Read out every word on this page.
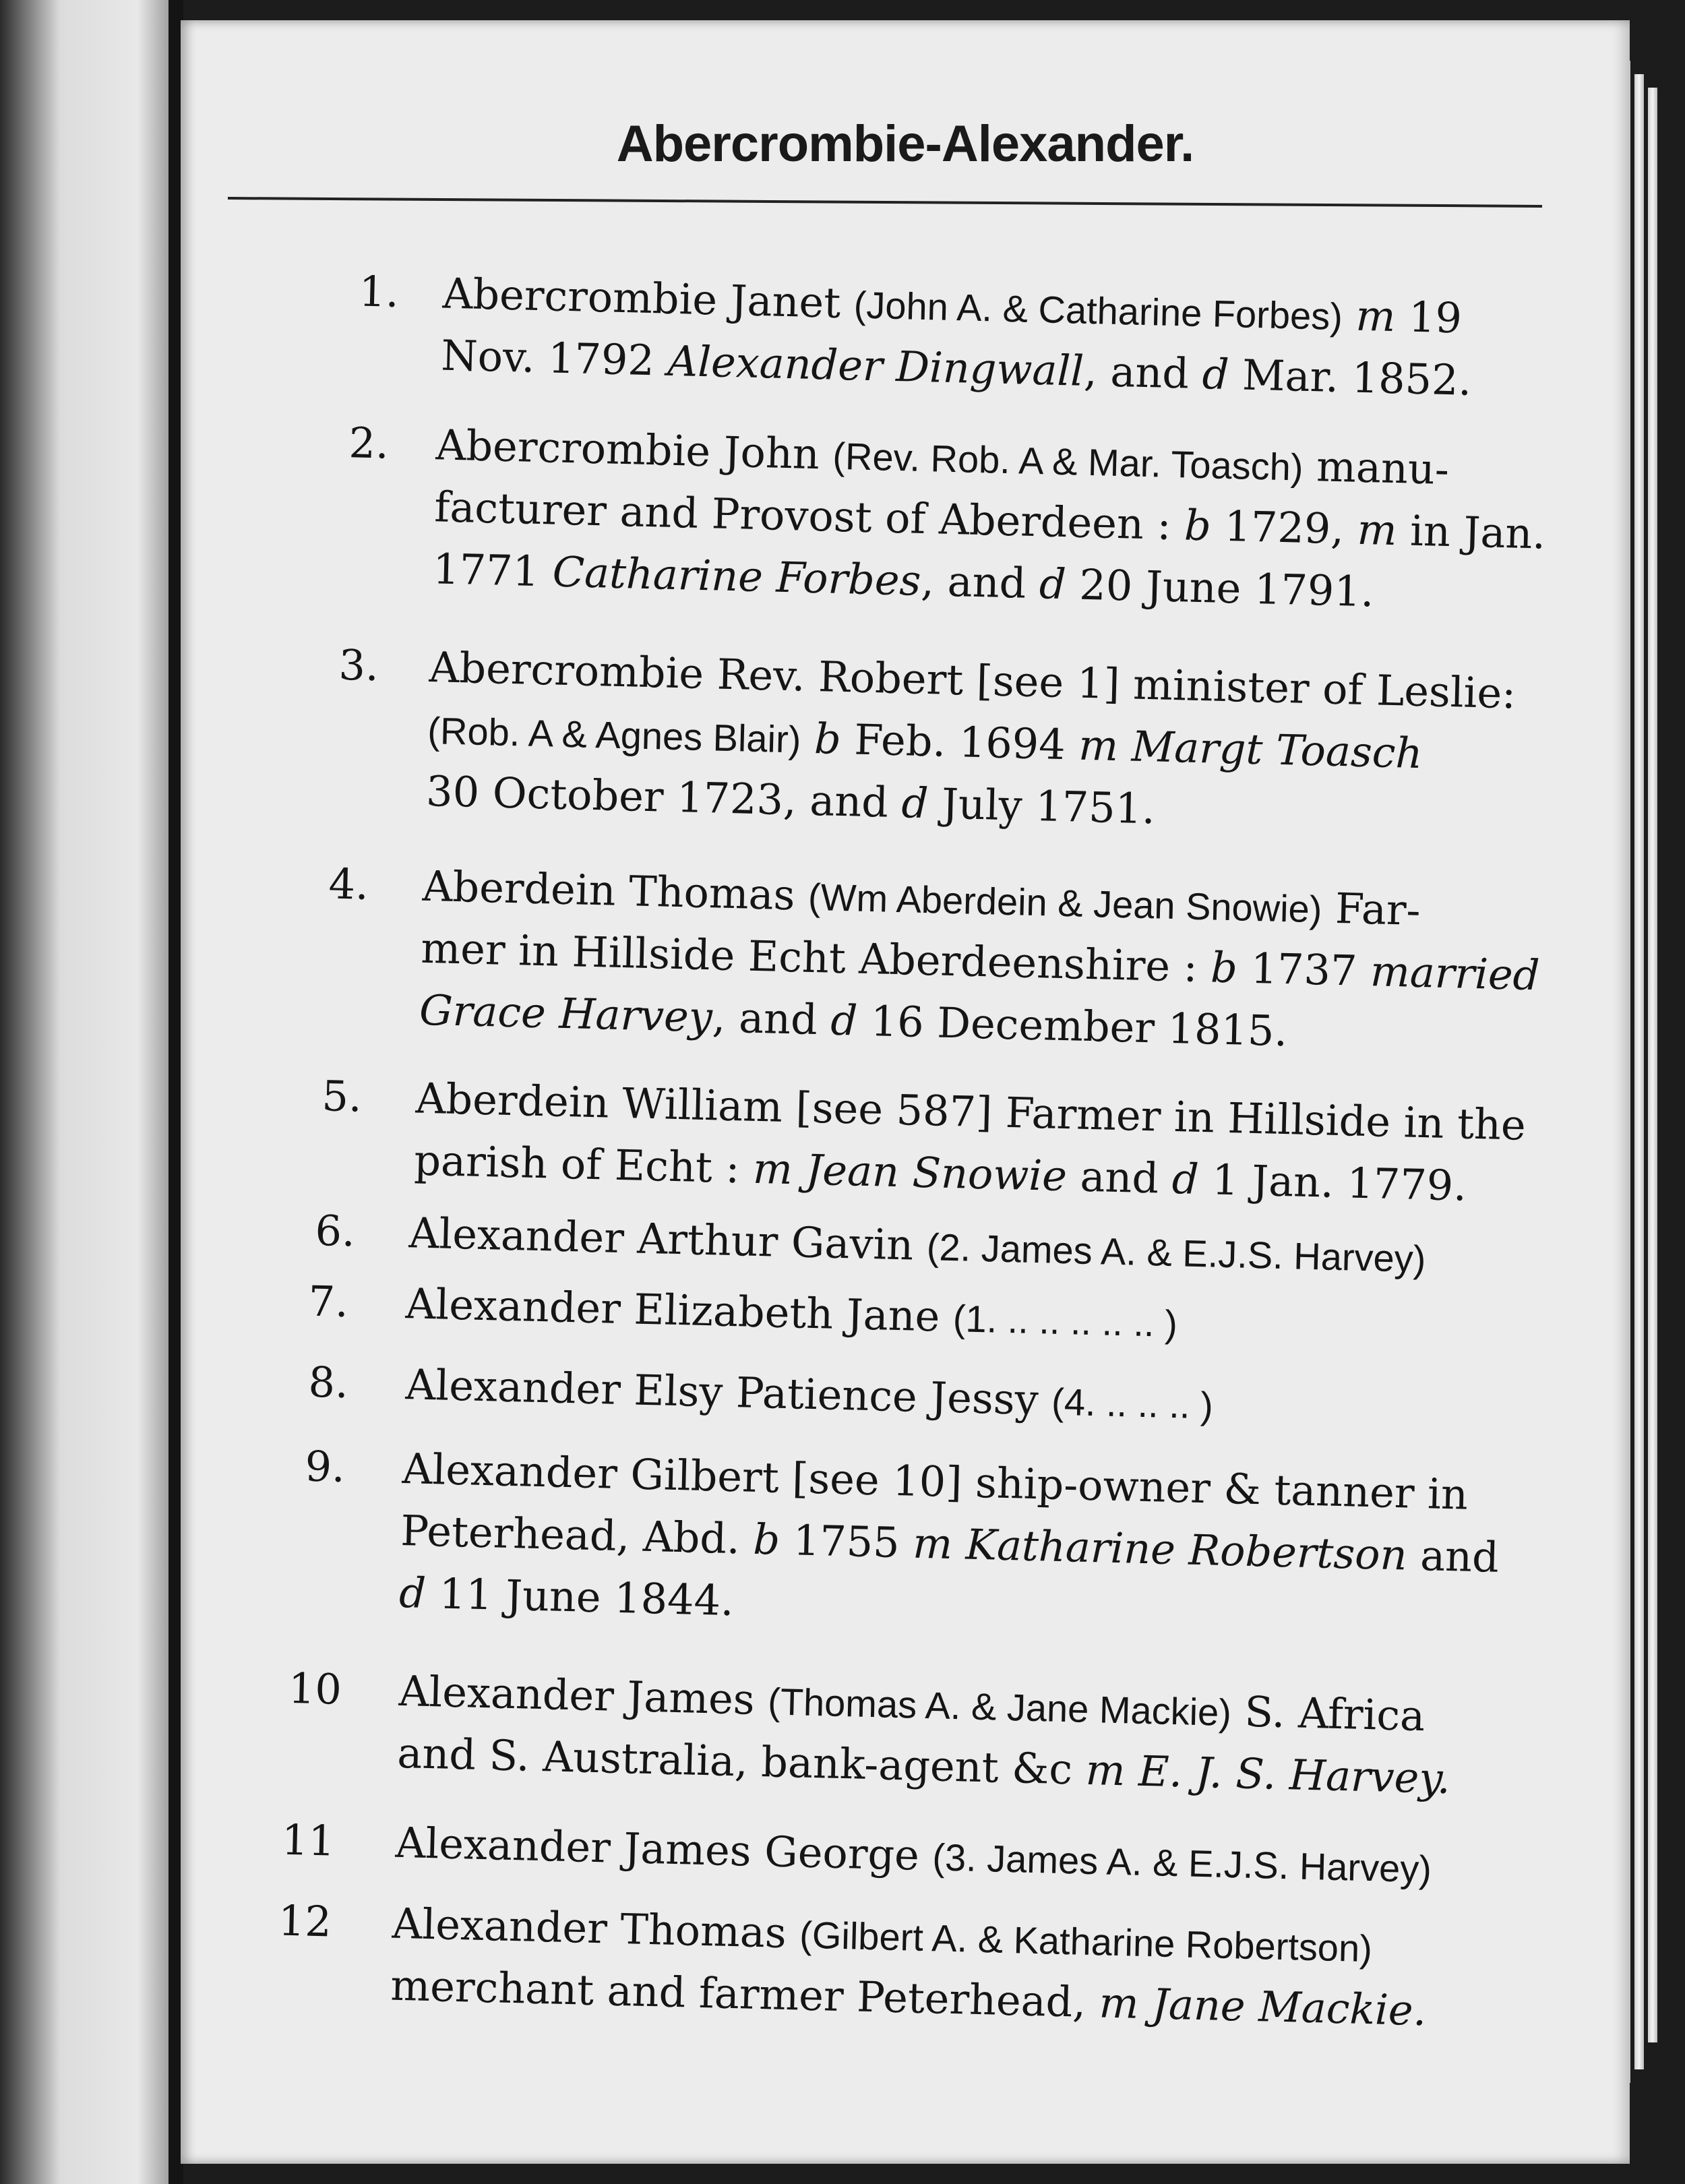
Abercrombie-Alexander.
1. Abercrombie Janet (John A. & Catharine Forbes) m 19
Nov. 1792 Alexander Dingwall, and d Mar. 1852.
2. Abercrombie John (Rev. Rob. A & Mar. Toasch) manu-
facturer and Provost of Aberdeen : b 1729, m in Jan.
1771 Catharine Forbes, and d 20 June 1791.
3. Abercrombie Rev. Robert [see 1] minister of Leslie:
(Rob. A & Agnes Blair) b Feb. 1694 m Margt Toasch
30 October 1723, and d July 1751.
4. Aberdein Thomas (Wm Aberdein & Jean Snowie) Far-
mer in Hillside Echt Aberdeenshire : b 1737 married
Grace Harvey, and d 16 December 1815.
5. Aberdein William [see 587] Farmer in Hillside in the
parish of Echt : m Jean Snowie and d 1 Jan. 1779.
6. Alexander Arthur Gavin (2. James A. & E.J.S. Harvey)
7. Alexander Elizabeth Jane (1. .. .. .. .. .. )
8. Alexander Elsy Patience Jessy (4. .. .. .. )
9. Alexander Gilbert [see 10] ship-owner & tanner in
Peterhead, Abd. b 1755 m Katharine Robertson and
d 11 June 1844.
10 Alexander James (Thomas A. & Jane Mackie) S. Africa
and S. Australia, bank-agent &c m E. J. S. Harvey.
11 Alexander James George (3. James A. & E.J.S. Harvey)
12 Alexander Thomas (Gilbert A. & Katharine Robertson)
merchant and farmer Peterhead, m Jane Mackie.
